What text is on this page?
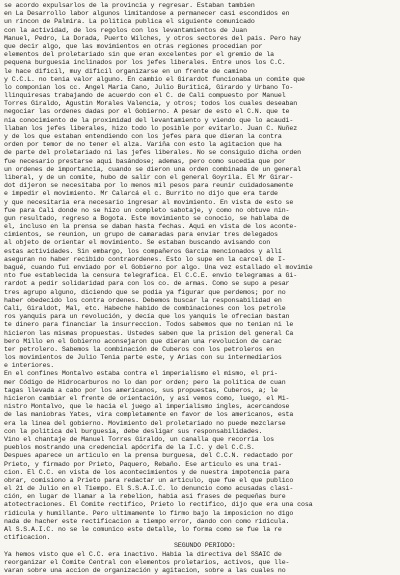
se acordo expulsarlos de la provincia y regresar. Estaban tambien
en La Desarrollo labor algunos limitandose a permanecer casi escondidos en
un rincon de Palmira. La politica publica el siguiente comunicado
con la actividad, de los regolos con los levantamientos de Juan
Manuel, Pedro, La Dorada, Puerto Wilches, y otros sectores del pais. Pero hay
que decir algo, que las movimientos en otras regiones procedian por
elementos del proletariado sin que eran excelentes por el gremio de la
pequena burguesia inclinados por los jefes liberales. Entre unos los C.C.
le hace dificil, muy dificil organizarse en un frente de camino
y C.C.L. no tenia valor alguno. En cambio el Girardot funcionaba un comite que
lo componian los cc. Angel Maria Cano, Julio Buriticá, Girardo y Urbano To-
llinquiresas trabajando de acuerdo con el C. de Cali compuesto por Manuel
Torres Giraldo, Agustin Morales Valencia, y otros; todos los cuales deseaban
negociar las ordenes dadas por el Gobierno. A pesar de esto el C.N. que te
nia conocimiento de la proximidad del levantamiento y viendo que lo acaudi-
llaban los jefes liberales, hizo todo lo posible por evitarlo. Juan C. Nuñez
y de los que estaban entendiendo con los jefes para que dieran la contra
orden por temor de no tener el alza. Variña con esto la agitacion que ha
de parte del proletariado ni las jefes liberales. No se consiguio dicha orden
fue necesario prestarse aqui basándose; ademas, pero como sucedia que por
un ordenes de importancia, cuando se dieron una orden combinada de un general
liberal, y de un comite, hubo de salir con el general Goyrila. El Mr Girar-
dot dijeron se necesitaba por lo menos mil pesos para reunir cuidadosamente
e impedir el movimiento. Mr Calarcá el c. Burrito no dijo que era tarde
y que necesitaria era necesario ingresar al movimiento. En vista de esto se
fue para Cali donde no se hizo un completo sabotaje, y como no obtuve nin-
gun resultado, regreso a Bogota. Este movimiento se conocio, se hablaba de
el, incluso en la prensa se daban hasta fechas. Aqui en vista de los aconte-
cimientos, se reunion, un grupo de camaradas para enviar tres delegados
al objeto de orientar el movimiento. Se estaban buscando avisando con
estas actividades. Sin embargo, los compañeros Garcia mencionados y allí
aseguran no haber recibido contraordenes. Esto lo supe en la carcel de I-
bagué, cuando fui enviado por el Gobierno por algo. Una vez estallado el movimie
nto fue establecida la censura telegrafica. El C.C.E. envio telegramas a Gi-
rardot a pedir solidaridad para con los co. de armas. Como se supo a pesar
tres agrupo alguno, diciendo que se podia ya figurar que perdemos; por no
haber obedecido los contra ordenes. Debemos buscar la responsabilidad en
Cali, Giraldot, Mal, etc. Habeche habido de combinaciones con los petrole
ros yanquis para un revolución, y decía que los yanquis le ofrecian bastan
te dinero para financiar la insurreccion. Todos sabemos que no tenian ni le
hicieron las mismas propuestas. Ustedes saben que la prision del general Ca
bero Millo en el Gobierno aconsejaron que dieran una revolucion de carac
ter petrolero. Sabemos la combinación de Cuberos con los petroleros en
los movimientos de Julio Tenia parte este, y Arias con su intermediarios
e interiores.
En el confines Montalvo estaba contra el imperialismo el mismo, el pri-
mer Código de Hidrocarburos no lo dan por orden; pero la politica de cuan
tagas llevada a cabo por los americanos, sus propuestas, Cuberos, a; le
hicieron cambiar el frente de orientación, y así vemos como, luego, el Mi-
nistro Montalvo, que le hacia el juego al imperialismo ingles, acercandose
de las maniobras Yates, vira completamente en favor de los americanos, esta
era la linea del gobierno. Movimiento del proletariado no puede mezclarse
con la politica del burguesia, debe desligar sus responsabilidades.
Vino el chantaje de Manuel Torres Giraldo, un canalla que recorria los
pueblos mostrando una credencial apócrifa de la I.C. y del C.C.S.
Despues aparece un articulo en la prensa burguesa, del C.C.N. redactado por
Prieto, y firmado por Prieto, Paquero, Rebaño. Ese articulo es una trai-
cion. El C.C. en vista de los acontecimientos y de nuestra impotencia para
obrar, comisiono a Prieto para redactar un articulo, que fue el que publico
el 21 de Julio en el Tiempo. El S.S.A.I.C. lo denuncio como acusadas clasi-
ción, en lugar de llamar a la rebelion, habia asi frases de pequeñas bure
atotectraciones. El Comite rectifico, Prieto lo rectifico, dijo que era una cosa
ridicula y humillante. Pero ultimamente lo firmo bajo la imposicion no digo
nada de hacher este rectificacion a tiempo error, dando con como ridicula.
Al S.S.A.I.C. no se le comunico este detalle, lo forma como se fue la re
ctificacion.
SEGUNDO PERIODO:
Ya hemos visto que el C.C. era inactivo. Habia la directiva del SSAIC de
reorganizar el Comite Central con elementos proletarios, activos, que lle-
varan sobre una accion de organización y agitacion, sobre a las cuales no
